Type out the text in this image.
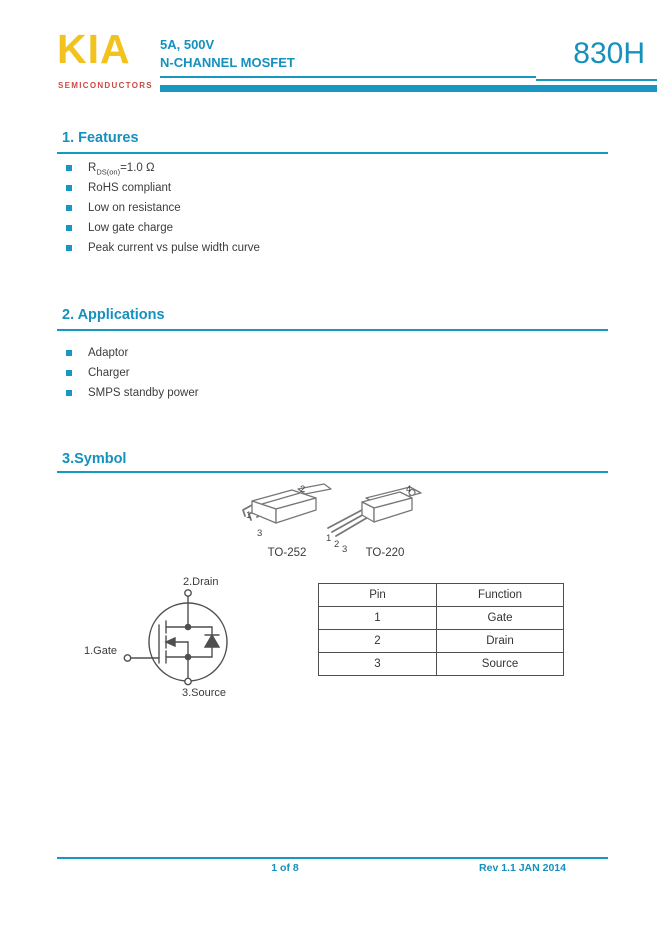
KIA
SEMICONDUCTORS
5A, 500V
N-CHANNEL MOSFET	830H
1. Features
$R_{DS(on)}=1.0$ Ω
RoHS compliant
Low on resistance
Low gate charge
Peak current vs pulse width curve
2. Applications
Adaptor
Charger
SMPS standby power
3.Symbol
2
1
3
TO-252
4
1
2 3	TO-220
2.Drain
1.Gate
3.Source
Pin	Function
1	Gate
2	Drain
3	Source
1 of 8	Rev 1.1 JAN 2014
